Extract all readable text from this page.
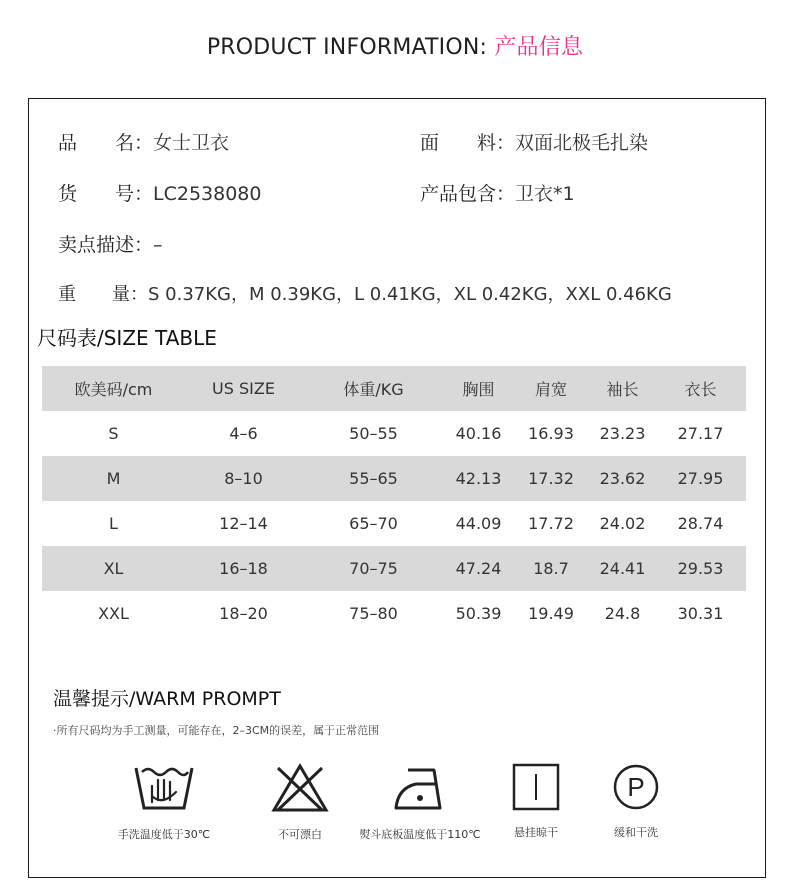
PRODUCT INFORMATION: 产品信息
品　　名：女士卫衣	面　　料：双面北极毛扎染
货　　号：LC2538080	产品包含：卫衣*1
卖点描述：–
重　　量：S 0.37KG，M 0.39KG，L 0.41KG，XL 0.42KG，XXL 0.46KG
尺码表/SIZE TABLE
欧美码/cm	US SIZE	体重/KG	胸围	肩宽	袖长	衣长
S	4–6	50–55	40.16	16.93	23.23	27.17
M	8–10	55–65	42.13	17.32	23.62	27.95
L	12–14	65–70	44.09	17.72	24.02	28.74
XL	16–18	70–75	47.24	18.7	24.41	29.53
XXL	18–20	75–80	50.39	19.49	24.8	30.31
温馨提示/WARM PROMPT
·所有尺码均为手工测量，可能存在，2–3CM的误差，属于正常范围
手洗温度低于30℃	不可漂白	熨斗底板温度低于110℃	悬挂晾干
P
缓和干洗
